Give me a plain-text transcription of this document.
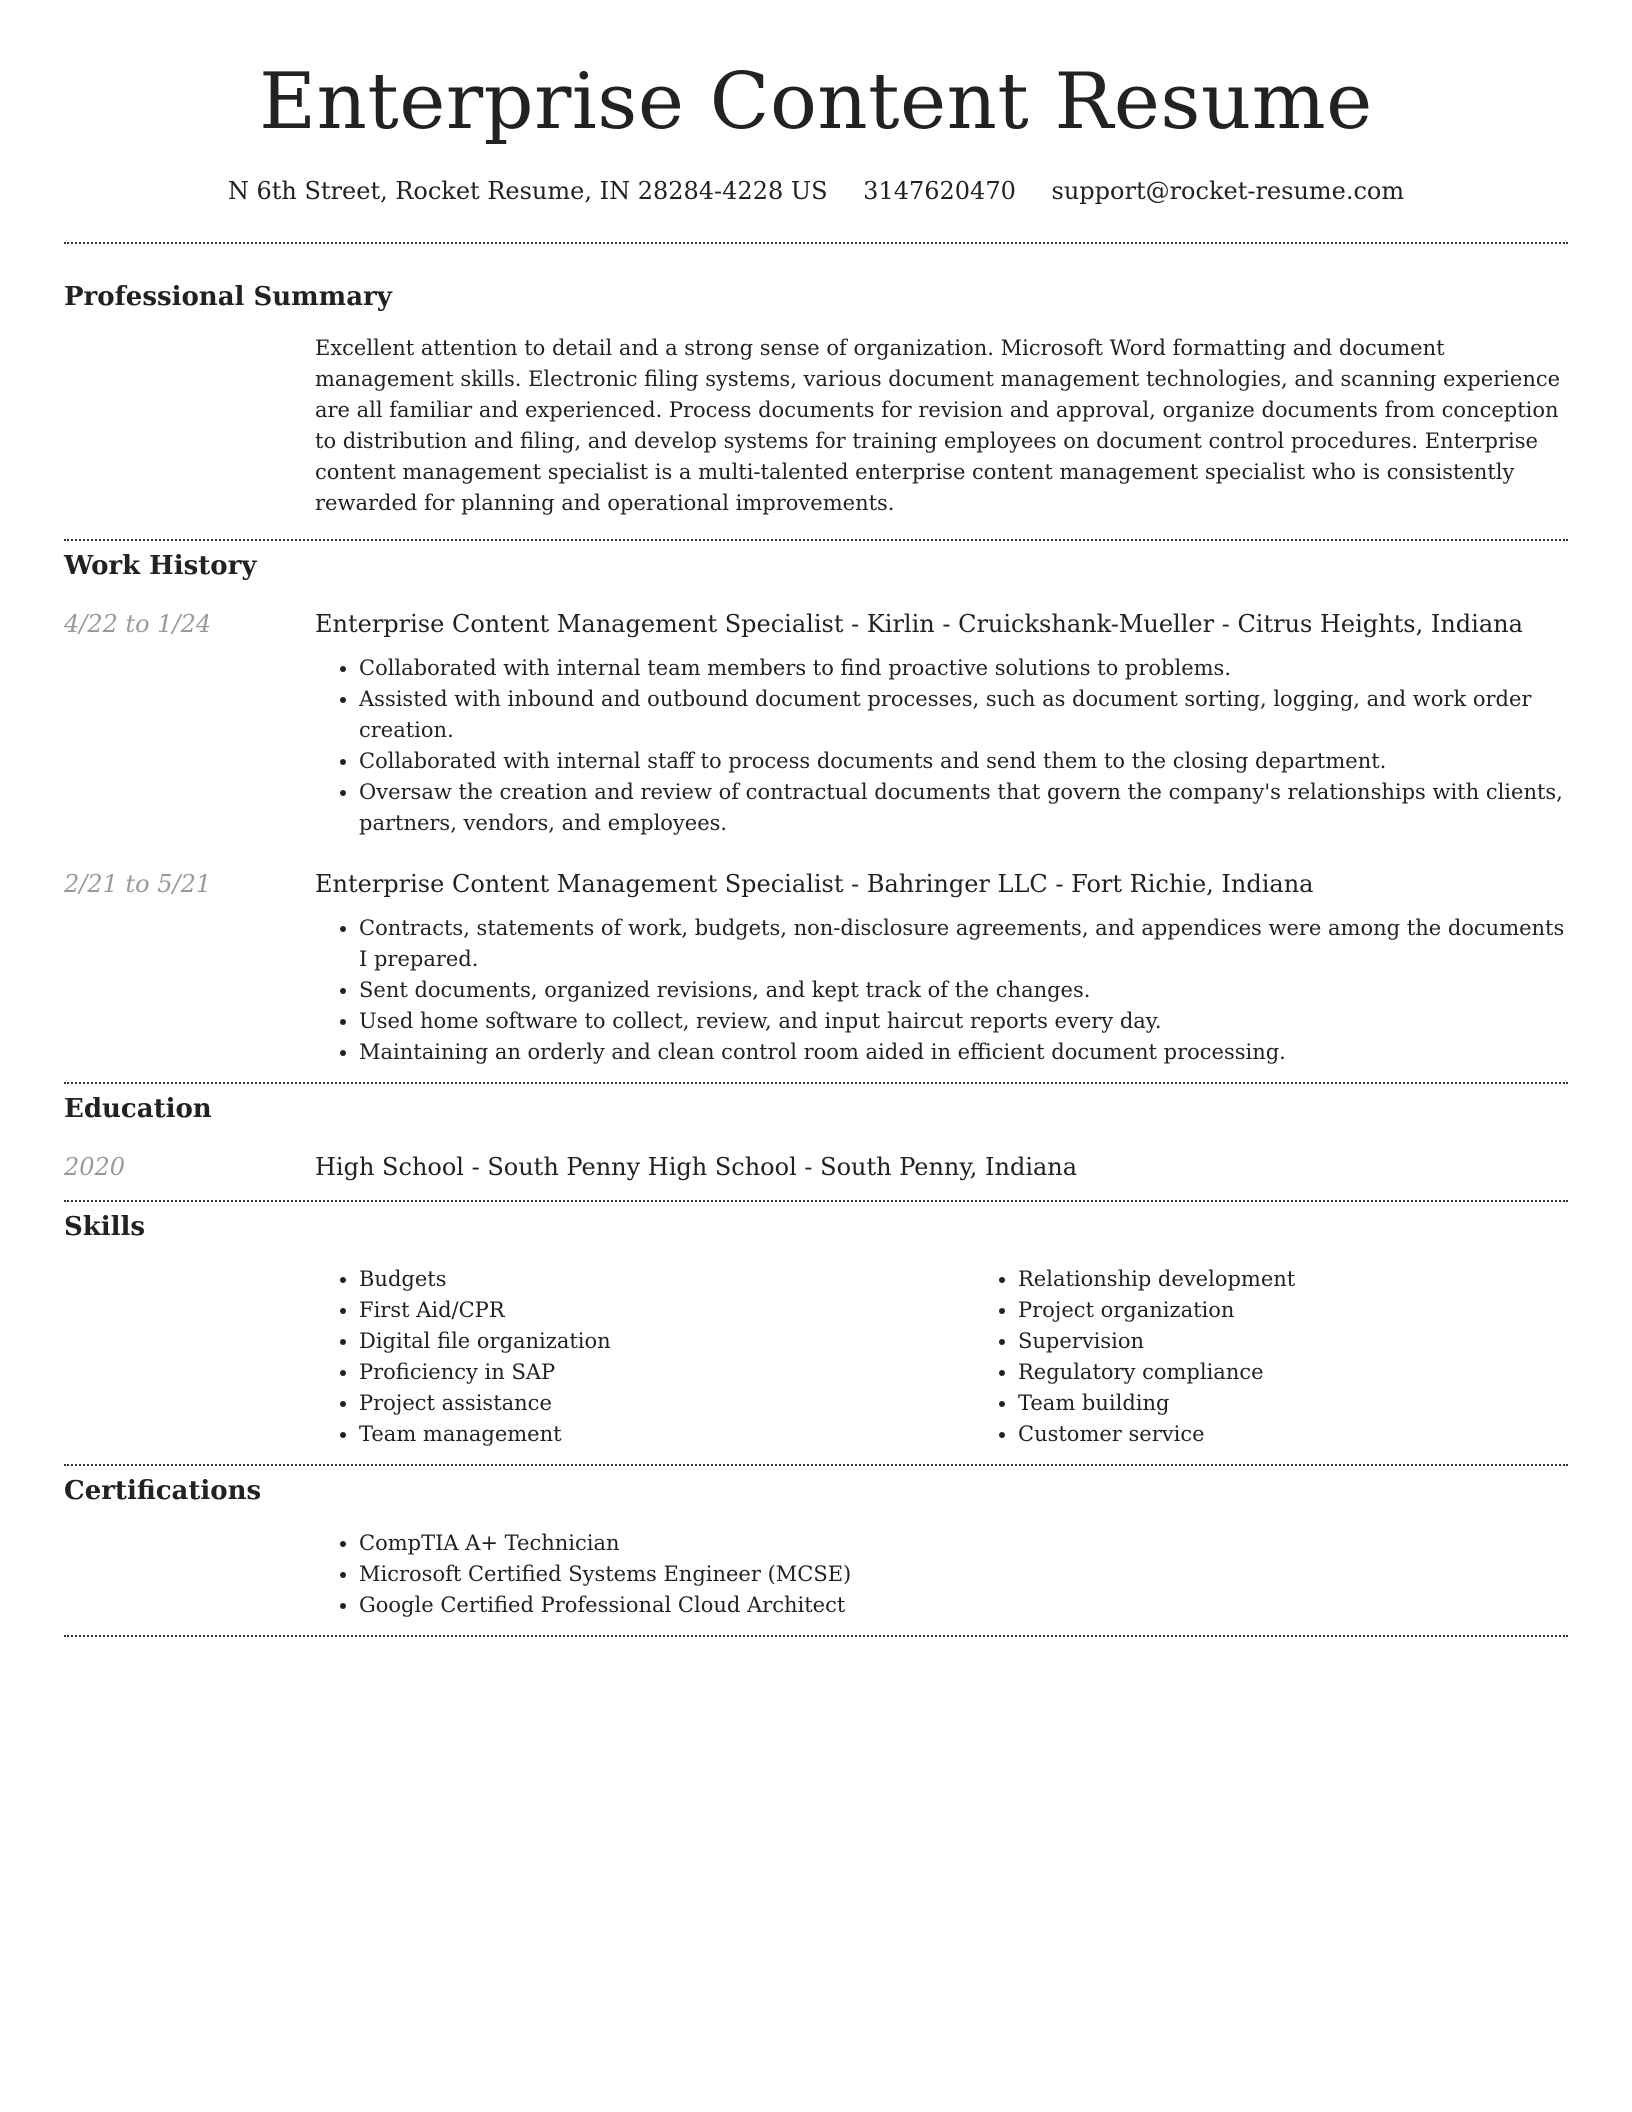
Enterprise Content Resume
N 6th Street, Rocket Resume, IN 28284-4228 US 3147620470 support@rocket-resume.com
Professional Summary

Excellent attention to detail and a strong sense of organization. Microsoft Word formatting and document management skills. Electronic filing systems, various document management technologies, and scanning experience are all familiar and experienced. Process documents for revision and approval, organize documents from conception to distribution and filing, and develop systems for training employees on document control procedures. Enterprise content management specialist is a multi-talented enterprise content management specialist who is consistently rewarded for planning and operational improvements.

Work History
4/22 to 1/24	Enterprise Content Management Specialist - Kirlin - Cruickshank-Mueller - Citrus Heights, Indiana

• Collaborated with internal team members to find proactive solutions to problems.
• Assisted with inbound and outbound document processes, such as document sorting, logging, and work order creation.
• Collaborated with internal staff to process documents and send them to the closing department.
• Oversaw the creation and review of contractual documents that govern the company's relationships with clients, partners, vendors, and employees.
2/21 to 5/21	Enterprise Content Management Specialist - Bahringer LLC - Fort Richie, Indiana

• Contracts, statements of work, budgets, non-disclosure agreements, and appendices were among the documents I prepared.
• Sent documents, organized revisions, and kept track of the changes.
• Used home software to collect, review, and input haircut reports every day.
• Maintaining an orderly and clean control room aided in efficient document processing.
Education
2020	High School - South Penny High School - South Penny, Indiana

Skills
• Budgets
• First Aid/CPR
• Digital file organization
• Proficiency in SAP
• Project assistance
• Team management
• Relationship development
• Project organization
• Supervision
• Regulatory compliance
• Team building
• Customer service
Certifications
• CompTIA A+ Technician
• Microsoft Certified Systems Engineer (MCSE)
• Google Certified Professional Cloud Architect
